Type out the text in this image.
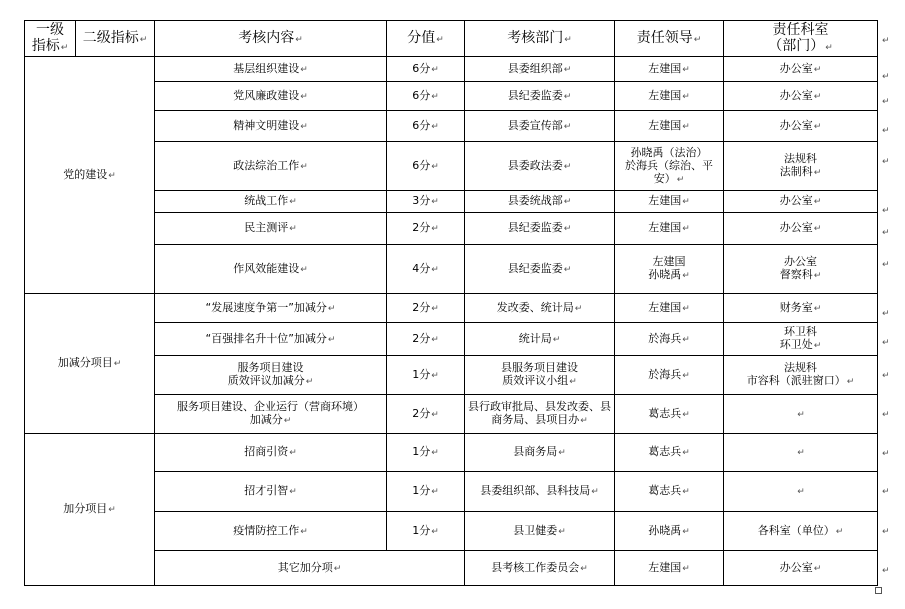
一级
指标↵	二级指标↵	考核内容↵	分值↵	考核部门↵	责任领导↵	责任科室
（部门）↵
党的建设↵		基层组织建设↵	6分↵	县委组织部↵	左建国↵	办公室↵
		党风廉政建设↵	6分↵	县纪委监委↵	左建国↵	办公室↵
		精神文明建设↵	6分↵	县委宣传部↵	左建国↵	办公室↵
		政法综治工作↵	6分↵	县委政法委↵	孙晓禹（法治）
於海兵（综治、平安）↵	法规科
法制科↵
		统战工作↵	3分↵	县委统战部↵	左建国↵	办公室↵
		民主测评↵	2分↵	县纪委监委↵	左建国↵	办公室↵
		作风效能建设↵	4分↵	县纪委监委↵	左建国
孙晓禹↵	办公室
督察科↵
加减分项目↵		“发展速度争第一”加减分↵	2分↵	发改委、统计局↵	左建国↵	财务室↵
		“百强排名升十位”加减分↵	2分↵	统计局↵	於海兵↵	环卫科
环卫处↵
		服务项目建设
质效评议加减分↵	1分↵	县服务项目建设
质效评议小组↵	於海兵↵	法规科
市容科（派驻窗口）↵
		服务项目建设、企业运行（营商环境）
加减分↵	2分↵	县行政审批局、县发改委、县商务局、县项目办↵	葛志兵↵	↵
加分项目↵		招商引资↵	1分↵	县商务局↵	葛志兵↵	↵
		招才引智↵	1分↵	县委组织部、县科技局↵	葛志兵↵	↵
		疫情防控工作↵	1分↵	县卫健委↵	孙晓禹↵	各科室（单位）↵
		其它加分项↵		县考核工作委员会↵	左建国↵	办公室↵
↵
↵
↵
↵
↵
↵
↵
↵
↵
↵
↵
↵
↵
↵
↵
↵
